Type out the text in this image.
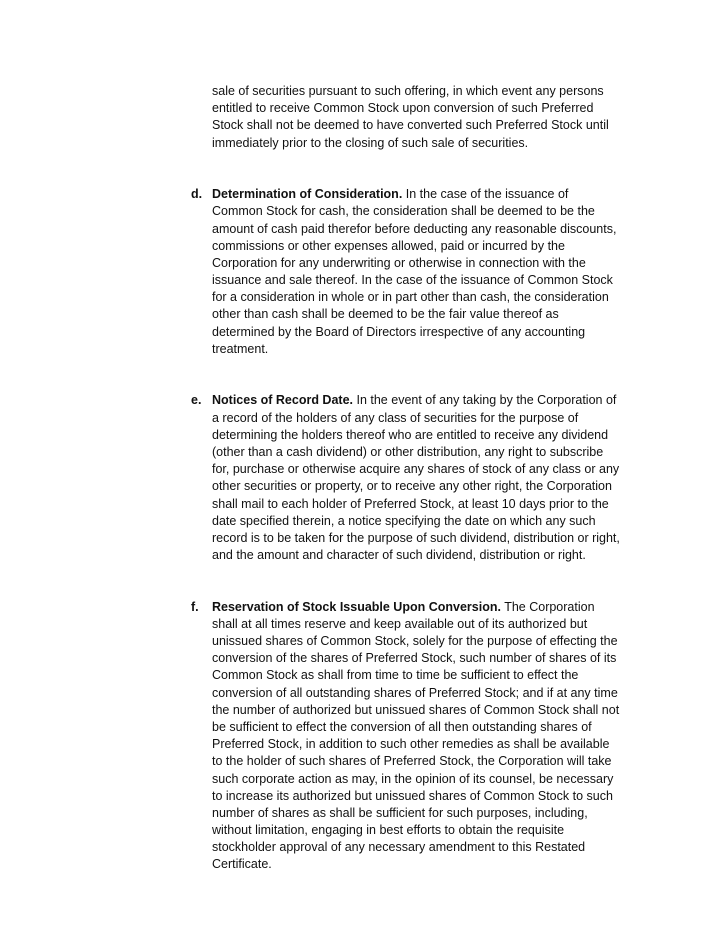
sale of securities pursuant to such offering, in which event any persons
entitled to receive Common Stock upon conversion of such Preferred
Stock shall not be deemed to have converted such Preferred Stock until
immediately prior to the closing of such sale of securities.
d. Determination of Consideration. In the case of the issuance of
Common Stock for cash, the consideration shall be deemed to be the
amount of cash paid therefor before deducting any reasonable discounts,
commissions or other expenses allowed, paid or incurred by the
Corporation for any underwriting or otherwise in connection with the
issuance and sale thereof. In the case of the issuance of Common Stock
for a consideration in whole or in part other than cash, the consideration
other than cash shall be deemed to be the fair value thereof as
determined by the Board of Directors irrespective of any accounting
treatment.
e. Notices of Record Date. In the event of any taking by the Corporation of
a record of the holders of any class of securities for the purpose of
determining the holders thereof who are entitled to receive any dividend
(other than a cash dividend) or other distribution, any right to subscribe
for, purchase or otherwise acquire any shares of stock of any class or any
other securities or property, or to receive any other right, the Corporation
shall mail to each holder of Preferred Stock, at least 10 days prior to the
date specified therein, a notice specifying the date on which any such
record is to be taken for the purpose of such dividend, distribution or right,
and the amount and character of such dividend, distribution or right.
f.	Reservation of Stock Issuable Upon Conversion. The Corporation
shall at all times reserve and keep available out of its authorized but
unissued shares of Common Stock, solely for the purpose of effecting the
conversion of the shares of Preferred Stock, such number of shares of its
Common Stock as shall from time to time be sufficient to effect the
conversion of all outstanding shares of Preferred Stock; and if at any time
the number of authorized but unissued shares of Common Stock shall not
be sufficient to effect the conversion of all then outstanding shares of
Preferred Stock, in addition to such other remedies as shall be available
to the holder of such shares of Preferred Stock, the Corporation will take
such corporate action as may, in the opinion of its counsel, be necessary
to increase its authorized but unissued shares of Common Stock to such
number of shares as shall be sufficient for such purposes, including,
without limitation, engaging in best efforts to obtain the requisite
stockholder approval of any necessary amendment to this Restated
Certificate.
